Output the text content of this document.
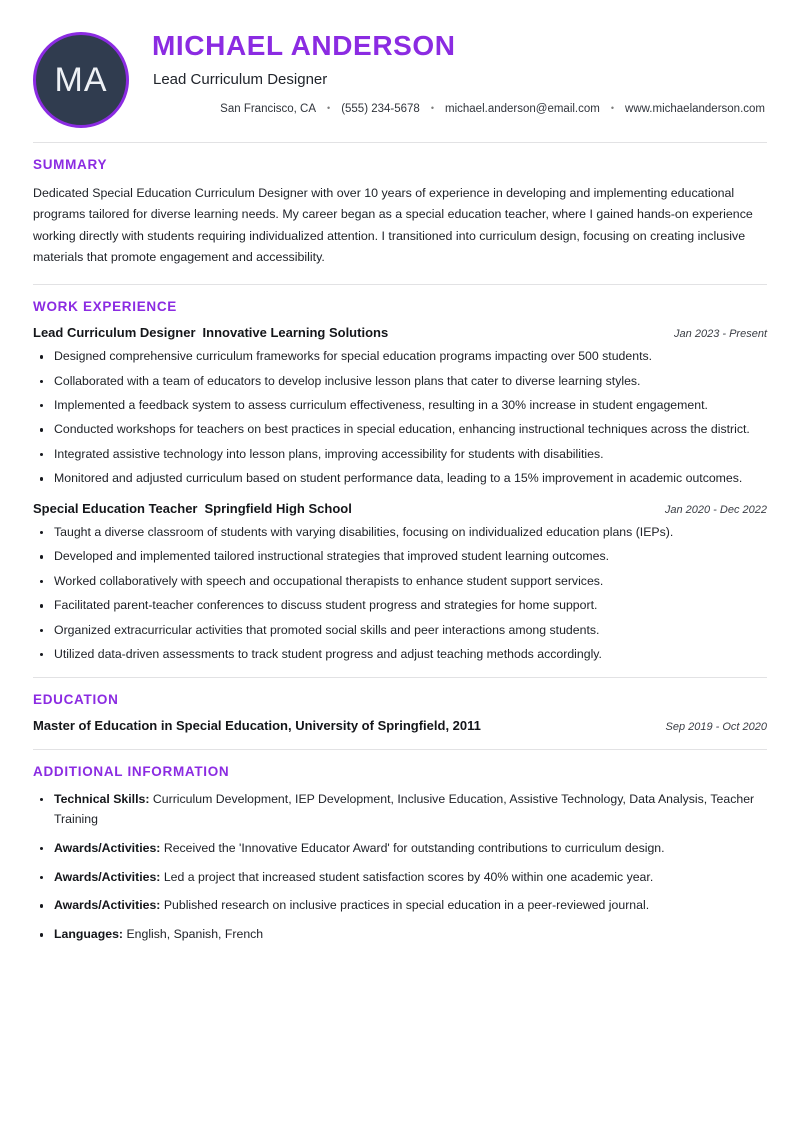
MA
MICHAEL ANDERSON
Lead Curriculum Designer
San Francisco, CA	• (555) 234-5678	• michael.anderson@email.com	• www.michaelanderson.com
SUMMARY

Dedicated Special Education Curriculum Designer with over 10 years of experience in developing and implementing educational programs tailored for diverse learning needs. My career began as a special education teacher, where I gained hands-on experience working directly with students requiring individualized attention. I transitioned into curriculum design, focusing on creating inclusive materials that promote engagement and accessibility.

WORK EXPERIENCE
Lead Curriculum Designer Innovative Learning Solutions	Jan 2023 - Present
Designed comprehensive curriculum frameworks for special education programs impacting over 500 students.
Collaborated with a team of educators to develop inclusive lesson plans that cater to diverse learning styles.
Implemented a feedback system to assess curriculum effectiveness, resulting in a 30% increase in student engagement.
Conducted workshops for teachers on best practices in special education, enhancing instructional techniques across the district.
Integrated assistive technology into lesson plans, improving accessibility for students with disabilities.
Monitored and adjusted curriculum based on student performance data, leading to a 15% improvement in academic outcomes.
Special Education Teacher Springfield High School	Jan 2020 - Dec 2022
Taught a diverse classroom of students with varying disabilities, focusing on individualized education plans (IEPs).
Developed and implemented tailored instructional strategies that improved student learning outcomes.
Worked collaboratively with speech and occupational therapists to enhance student support services.
Facilitated parent-teacher conferences to discuss student progress and strategies for home support.
Organized extracurricular activities that promoted social skills and peer interactions among students.
Utilized data-driven assessments to track student progress and adjust teaching methods accordingly.
EDUCATION
Master of Education in Special Education, University of Springfield, 2011	Sep 2019 - Oct 2020
ADDITIONAL INFORMATION
Technical Skills: Curriculum Development, IEP Development, Inclusive Education, Assistive Technology, Data Analysis, Teacher Training
Awards/Activities: Received the 'Innovative Educator Award' for outstanding contributions to curriculum design.
Awards/Activities: Led a project that increased student satisfaction scores by 40% within one academic year.
Awards/Activities: Published research on inclusive practices in special education in a peer-reviewed journal.
Languages: English, Spanish, French
